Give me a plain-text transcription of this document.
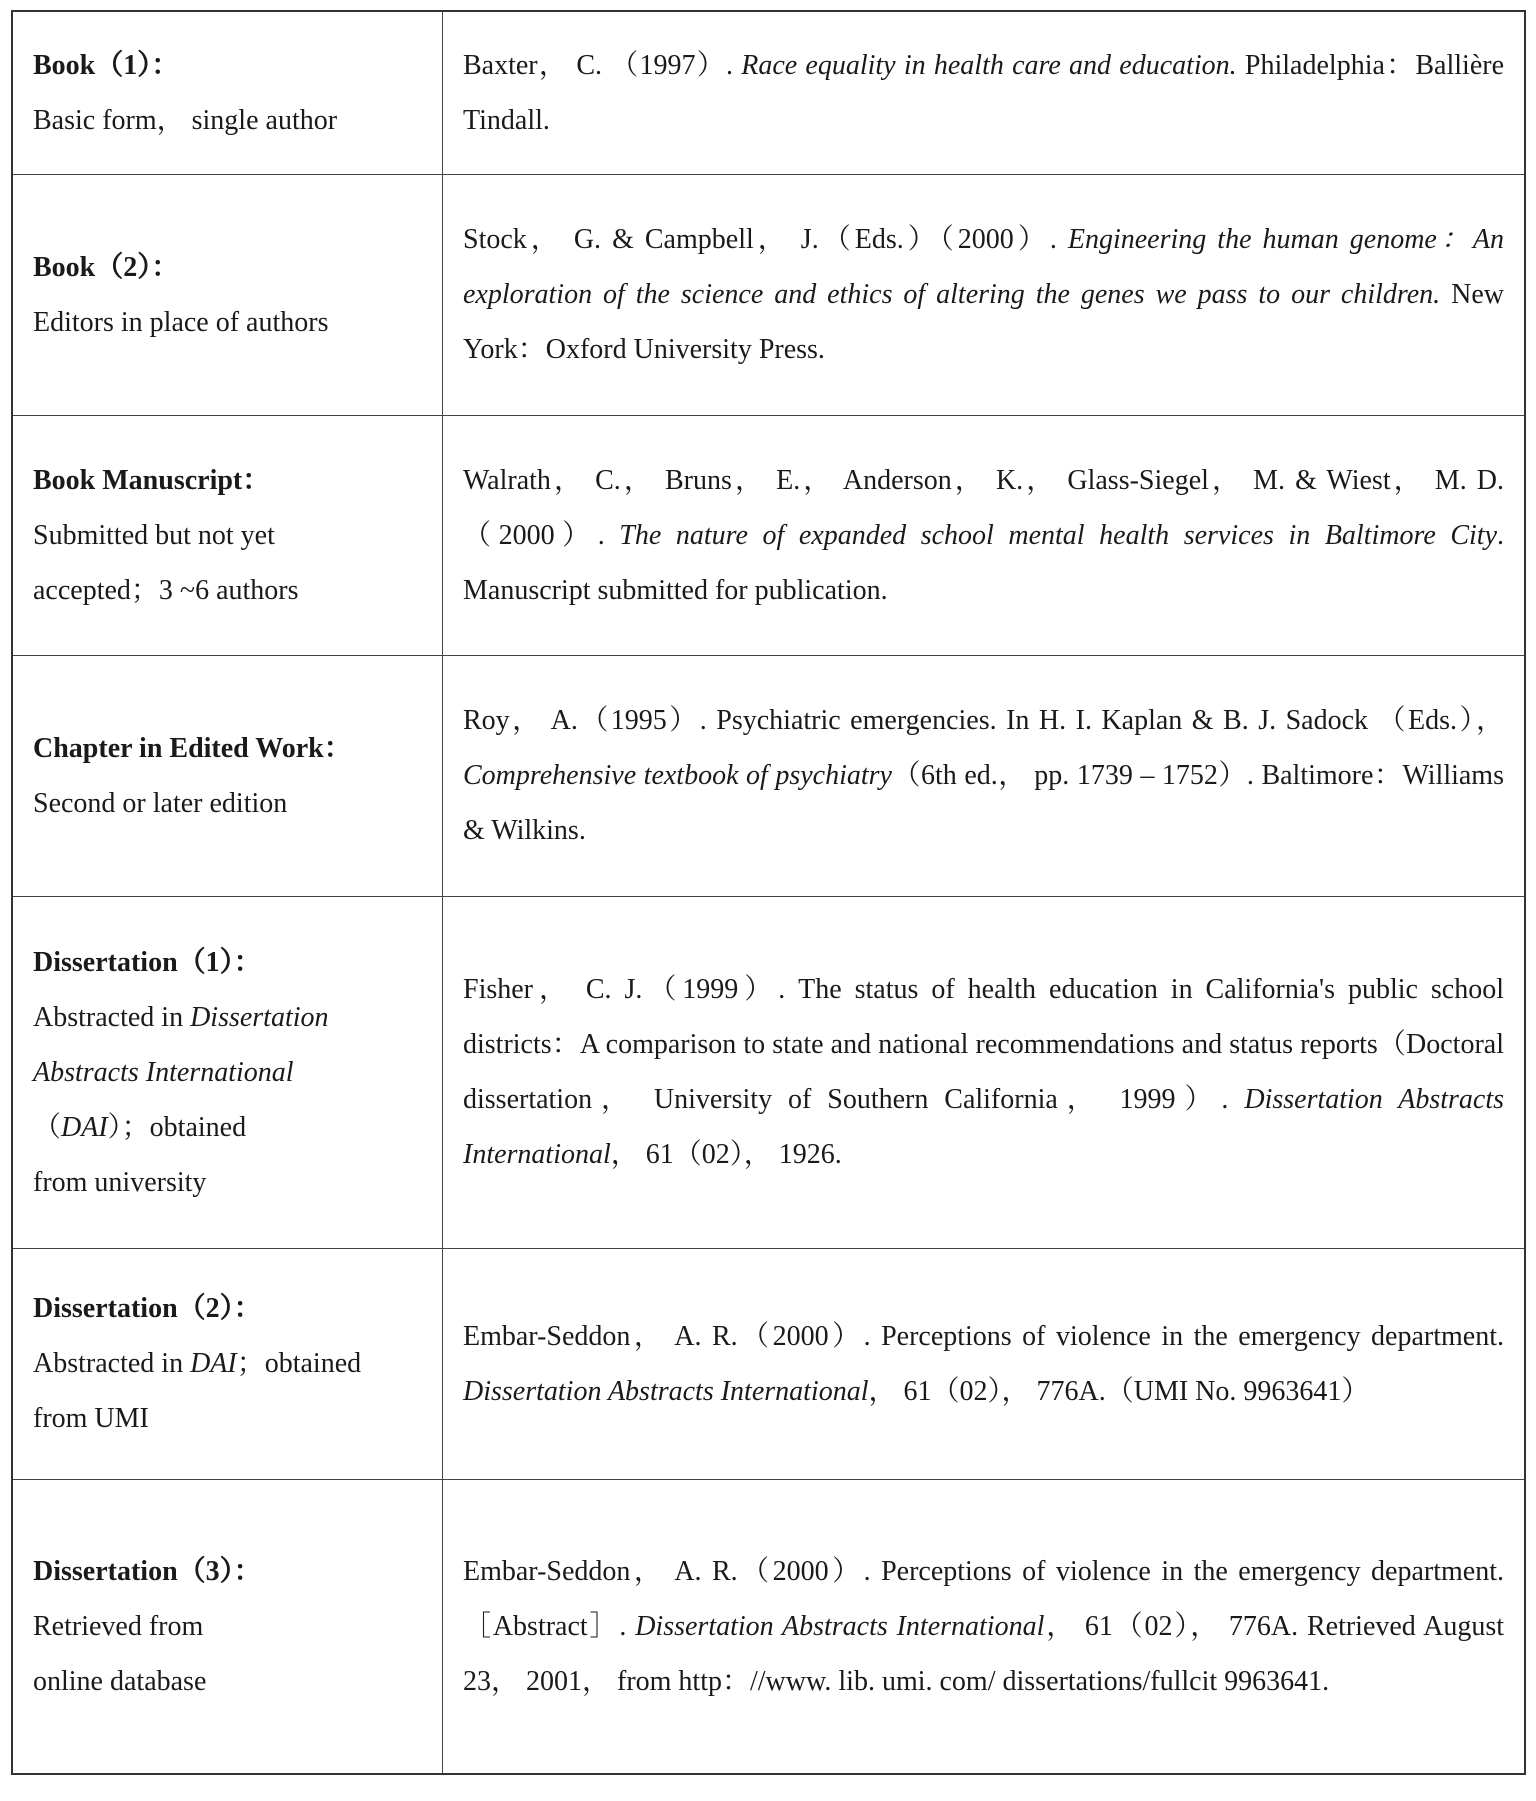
Book（1）：
Basic form， single author	Baxter， C. （1997）. Race equality in health care and education. Philadelphia：Ballière Tindall.

Book（2）：
Editors in place of authors	Stock， G. & Campbell， J.（Eds.）（2000）. Engineering the human genome：An exploration of the science and ethics of altering the genes we pass to our children. New York：Oxford University Press.

Book Manuscript：
Submitted but not yet
accepted；3 ~6 authors	Walrath， C.， Bruns， E.， Anderson， K.， Glass-Siegel， M. & Wiest， M. D.（2000）. The nature of expanded school mental health services in Baltimore City. Manuscript submitted for publication.

Chapter in Edited Work：
Second or later edition	Roy， A.（1995）. Psychiatric emergencies. In H. I. Kaplan & B. J. Sadock （Eds.）， Comprehensive textbook of psychiatry（6th ed.， pp. 1739 – 1752）. Baltimore：Williams & Wilkins.

Dissertation（1）：
Abstracted in Dissertation
Abstracts International
（DAI）；obtained
from university
	Fisher， C. J.（1999）. The status of health education in California's public school districts：A comparison to state and national recommendations and status reports（Doctoral dissertation， University of Southern California， 1999）. Dissertation Abstracts International， 61（02）， 1926.

Dissertation（2）：
Abstracted in DAI；obtained
from UMI	Embar-Seddon， A. R.（2000）. Perceptions of violence in the emergency department. Dissertation Abstracts International， 61（02）， 776A.（UMI No. 9963641）

Dissertation（3）：
Retrieved from
online database
	Embar-Seddon， A. R.（2000）. Perceptions of violence in the emergency department. ［Abstract］. Dissertation Abstracts International， 61（02）， 776A. Retrieved August 23， 2001， from http：//www. lib. umi. com/ dissertations/fullcit 9963641.
